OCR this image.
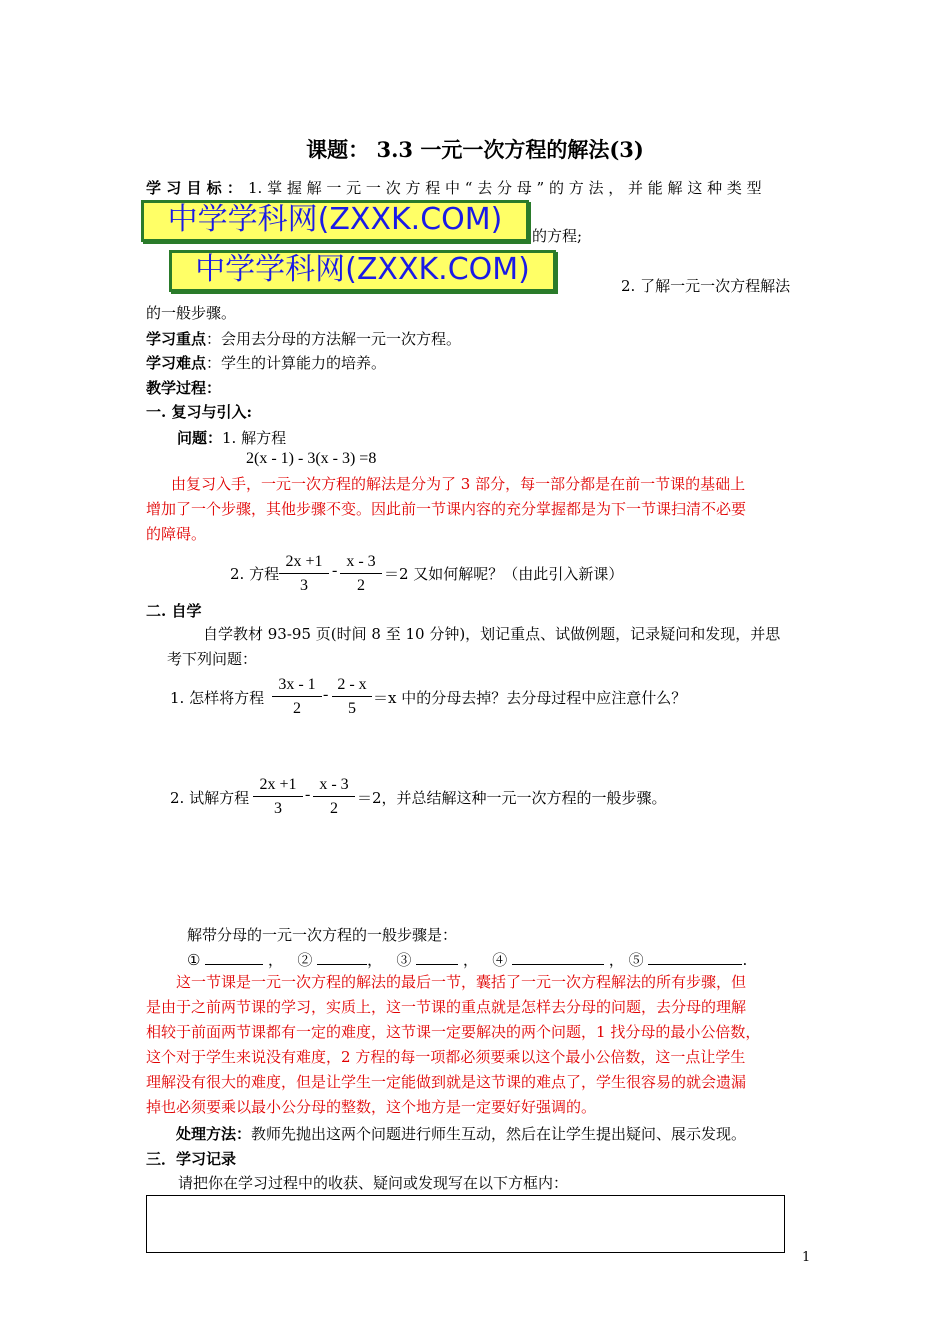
课题： 3.3 一元一次方程的解法(3)
学 习 目 标 ： 1. 掌 握 解 一 元 一 次 方 程 中 “ 去 分 母 ” 的 方 法 ， 并 能 解 这 种 类 型
中学学科网(ZXXK.COM)	的方程;
中学学科网(ZXXK.COM)	2. 了解一元一次方程解法
的一般步骤。
学习重点：会用去分母的方法解一元一次方程。
学习难点：学生的计算能力的培养。
教学过程：
一. 复习与引入:
问题：1. 解方程
2(x - 1) - 3(x - 3) =8
由复习入手，一元一次方程的解法是分为了 3 部分，每一部分都是在前一节课的基础上
增加了一个步骤，其他步骤不变。因此前一节课内容的充分掌握都是为下一节课扫清不必要
的障碍。
2. 方程
2x +1
3
-
x - 3
2
＝2 又如何解呢？（由此引入新课）
二. 自学
自学教材 93-95 页(时间 8 至 10 分钟)，划记重点、试做例题，记录疑问和发现，并思
考下列问题：
1. 怎样将方程
3x - 1
2
-
2 - x
5
＝x 中的分母去掉？去分母过程中应注意什么？
2. 试解方程
2x +1
3
-
x - 3
2
＝2，并总结解这种一元一次方程的一般步骤。
解带分母的一元一次方程的一般步骤是：
①	，   ②	，   ③	，   ④	， ⑤	.
这一节课是一元一次方程的解法的最后一节，囊括了一元一次方程解法的所有步骤，但
是由于之前两节课的学习，实质上，这一节课的重点就是怎样去分母的问题，去分母的理解
相较于前面两节课都有一定的难度，这节课一定要解决的两个问题，1 找分母的最小公倍数，
这个对于学生来说没有难度，2 方程的每一项都必须要乘以这个最小公倍数，这一点让学生
理解没有很大的难度，但是让学生一定能做到就是这节课的难点了，学生很容易的就会遗漏
掉也必须要乘以最小公分母的整数，这个地方是一定要好好强调的。
处理方法：教师先抛出这两个问题进行师生互动，然后在让学生提出疑问、展示发现。
三．学习记录
请把你在学习过程中的收获、疑问或发现写在以下方框内：
1
